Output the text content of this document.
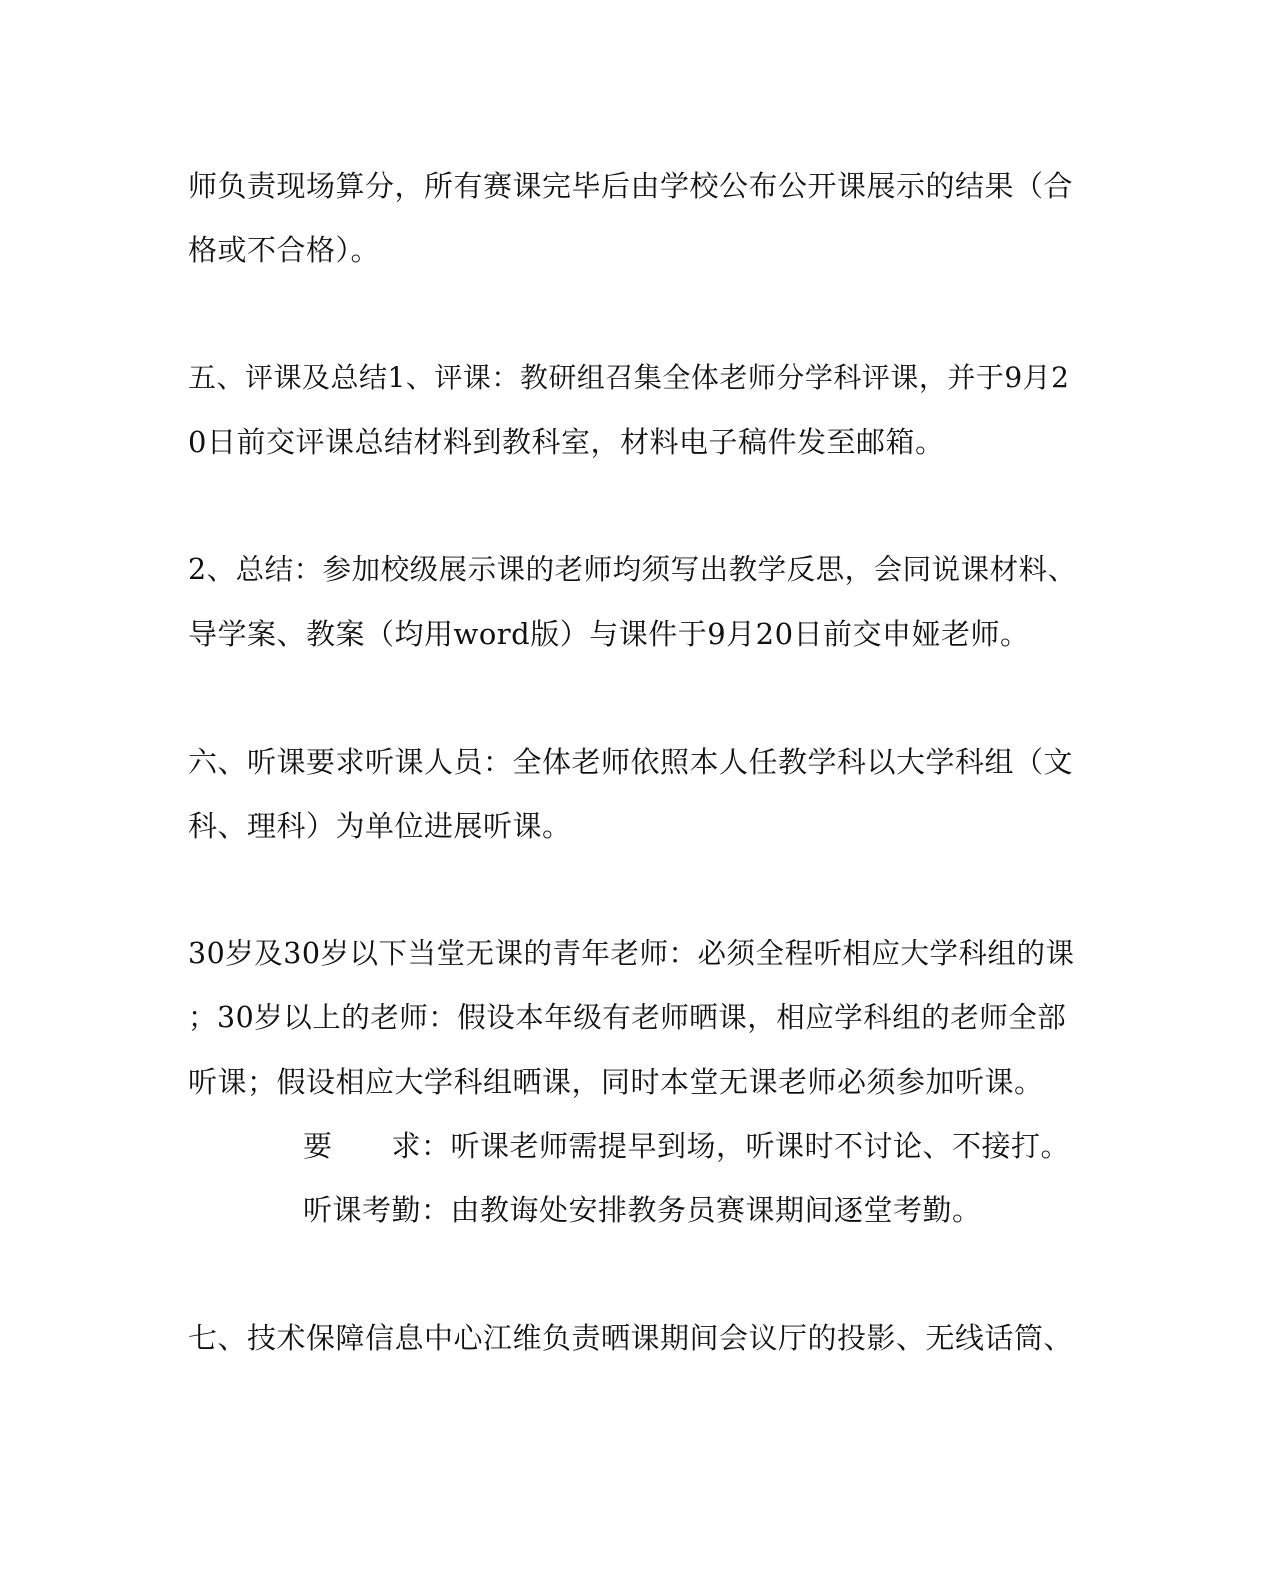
师负责现场算分，所有赛课完毕后由学校公布公开课展示的结果（合
格或不合格）。
五、评课及总结1、评课：教研组召集全体老师分学科评课，并于9月2
0日前交评课总结材料到教科室，材料电子稿件发至邮箱。
2、总结：参加校级展示课的老师均须写出教学反思，会同说课材料、
导学案、教案（均用word版）与课件于9月20日前交申娅老师。
六、听课要求听课人员：全体老师依照本人任教学科以大学科组（文
科、理科）为单位进展听课。
30岁及30岁以下当堂无课的青年老师：必须全程听相应大学科组的课
；30岁以上的老师：假设本年级有老师晒课，相应学科组的老师全部
听课；假设相应大学科组晒课，同时本堂无课老师必须参加听课。
要　　求：听课老师需提早到场，听课时不讨论、不接打。
听课考勤：由教诲处安排教务员赛课期间逐堂考勤。
七、技术保障信息中心江维负责晒课期间会议厅的投影、无线话筒、
